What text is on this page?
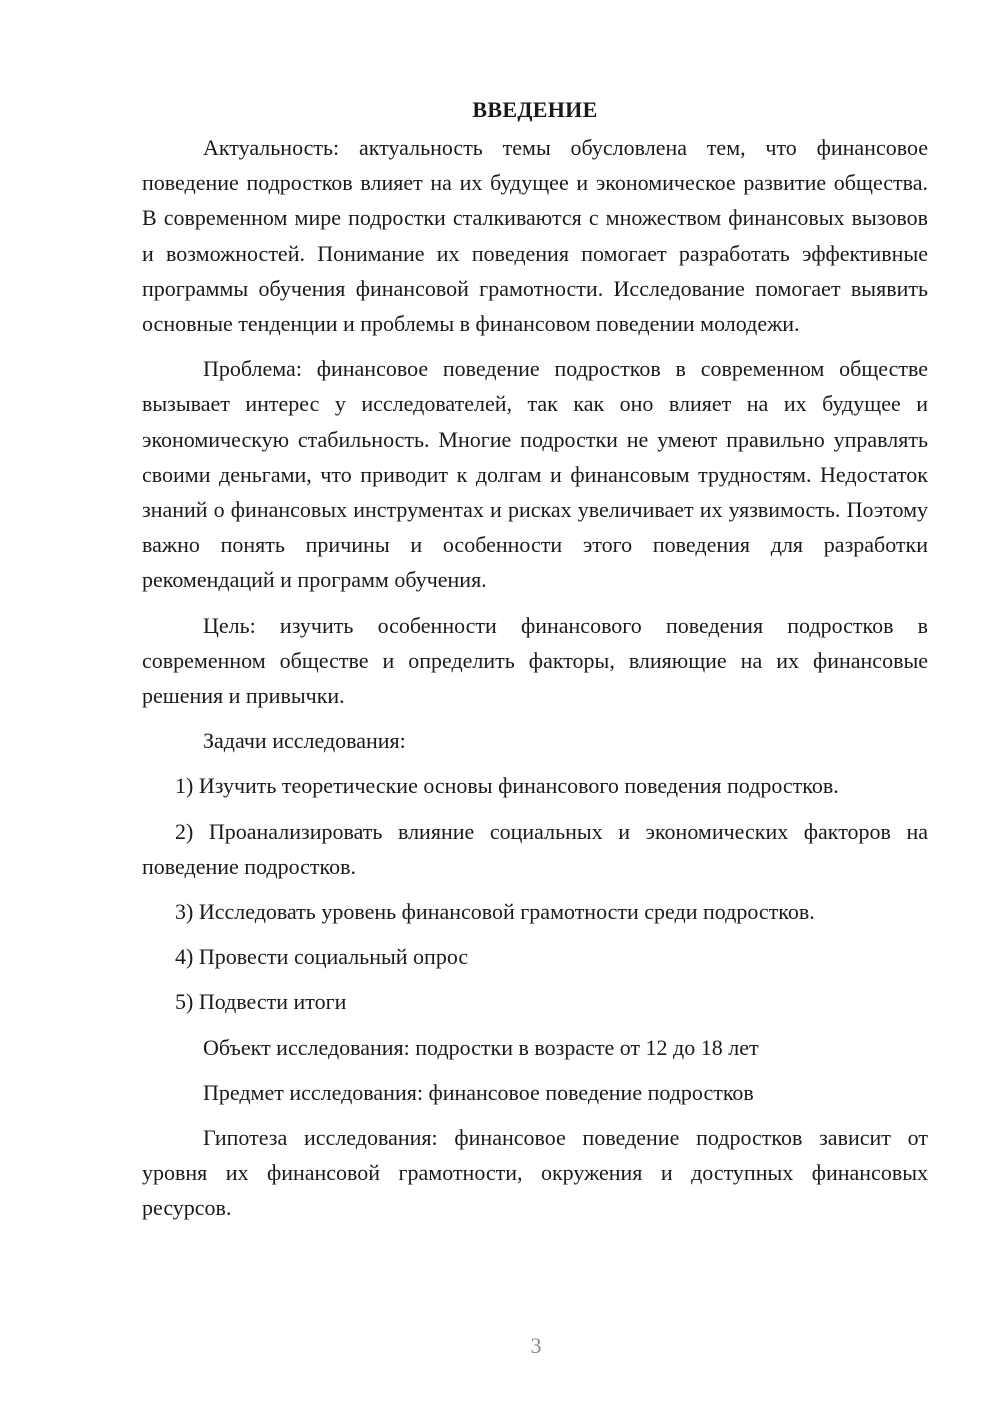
ВВЕДЕНИЕ

Актуальность: актуальность темы обусловлена тем, что финансовое поведение подростков влияет на их будущее и экономическое развитие общества. В современном мире подростки сталкиваются с множеством финансовых вызовов и возможностей. Понимание их поведения помогает разработать эффективные программы обучения финансовой грамотности. Исследование помогает выявить основные тенденции и проблемы в финансовом поведении молодежи.

Проблема: финансовое поведение подростков в современном обществе вызывает интерес у исследователей, так как оно влияет на их будущее и экономическую стабильность. Многие подростки не умеют правильно управлять своими деньгами, что приводит к долгам и финансовым трудностям. Недостаток знаний о финансовых инструментах и рисках увеличивает их уязвимость. Поэтому важно понять причины и особенности этого поведения для разработки рекомендаций и программ обучения.

Цель: изучить особенности финансового поведения подростков в современном обществе и определить факторы, влияющие на их финансовые решения и привычки.

Задачи исследования:

1) Изучить теоретические основы финансового поведения подростков.

2) Проанализировать влияние социальных и экономических факторов на поведение подростков.

3) Исследовать уровень финансовой грамотности среди подростков.

4) Провести социальный опрос

5) Подвести итоги

Объект исследования: подростки в возрасте от 12 до 18 лет

Предмет исследования: финансовое поведение подростков

Гипотеза исследования: финансовое поведение подростков зависит от уровня их финансовой грамотности, окружения и доступных финансовых ресурсов.

3
